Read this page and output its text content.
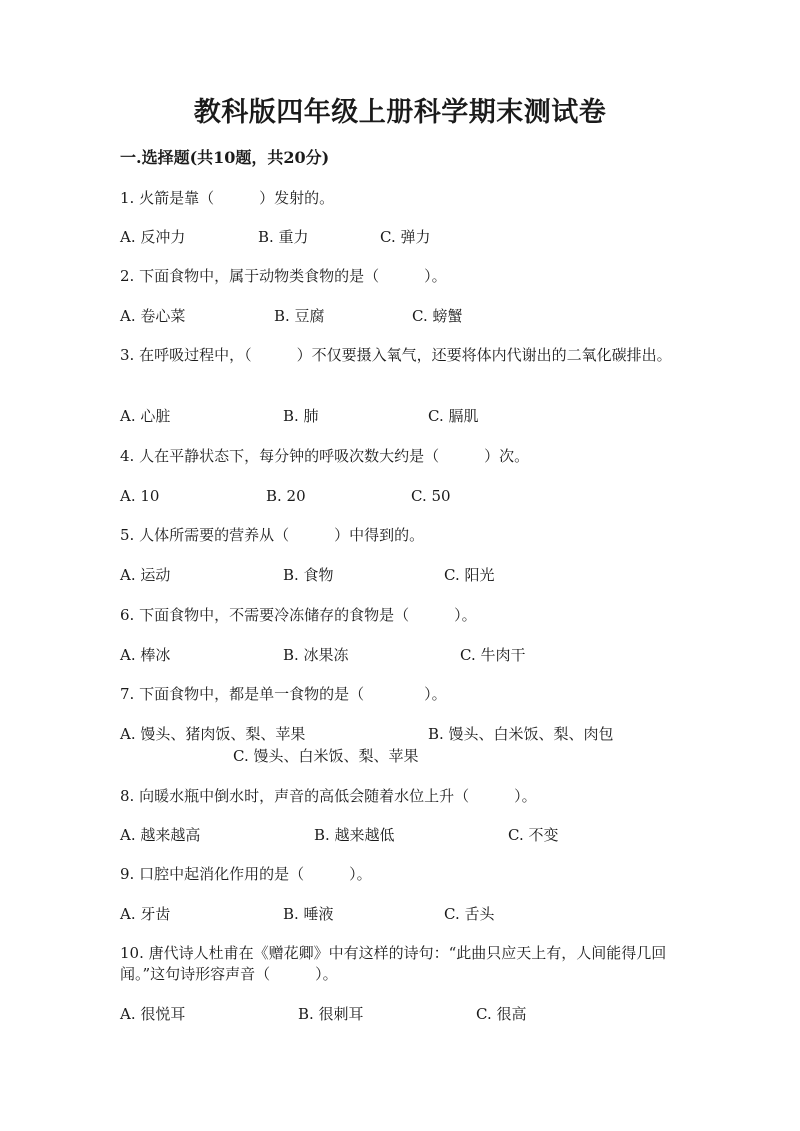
教科版四年级上册科学期末测试卷
一.选择题(共10题，共20分)
1. 火箭是靠（　　　）发射的。
A. 反冲力	B. 重力	C. 弹力
2. 下面食物中，属于动物类食物的是（　　　）。
A. 卷心菜	B. 豆腐	C. 螃蟹
3. 在呼吸过程中，（　　　）不仅要摄入氧气，还要将体内代谢出的二氧化碳排出。
A. 心脏	B. 肺	C. 膈肌
4. 人在平静状态下，每分钟的呼吸次数大约是（　　　）次。
A. 10	B. 20	C. 50
5. 人体所需要的营养从（　　　）中得到的。
A. 运动	B. 食物	C. 阳光
6. 下面食物中，不需要冷冻储存的食物是（　　　）。
A. 棒冰	B. 冰果冻	C. 牛肉干
7. 下面食物中，都是单一食物的是（　　　　）。
A. 馒头、猪肉饭、梨、苹果	B. 馒头、白米饭、梨、肉包
C. 馒头、白米饭、梨、苹果
8. 向暖水瓶中倒水时，声音的高低会随着水位上升（　　　）。
A. 越来越高	B. 越来越低	C. 不变
9. 口腔中起消化作用的是（　　　）。
A. 牙齿	B. 唾液	C. 舌头
10. 唐代诗人杜甫在《赠花卿》中有这样的诗句：“此曲只应天上有，人间能得几回闻。”这句诗形容声音（　　　）。
A. 很悦耳	B. 很刺耳	C. 很高
